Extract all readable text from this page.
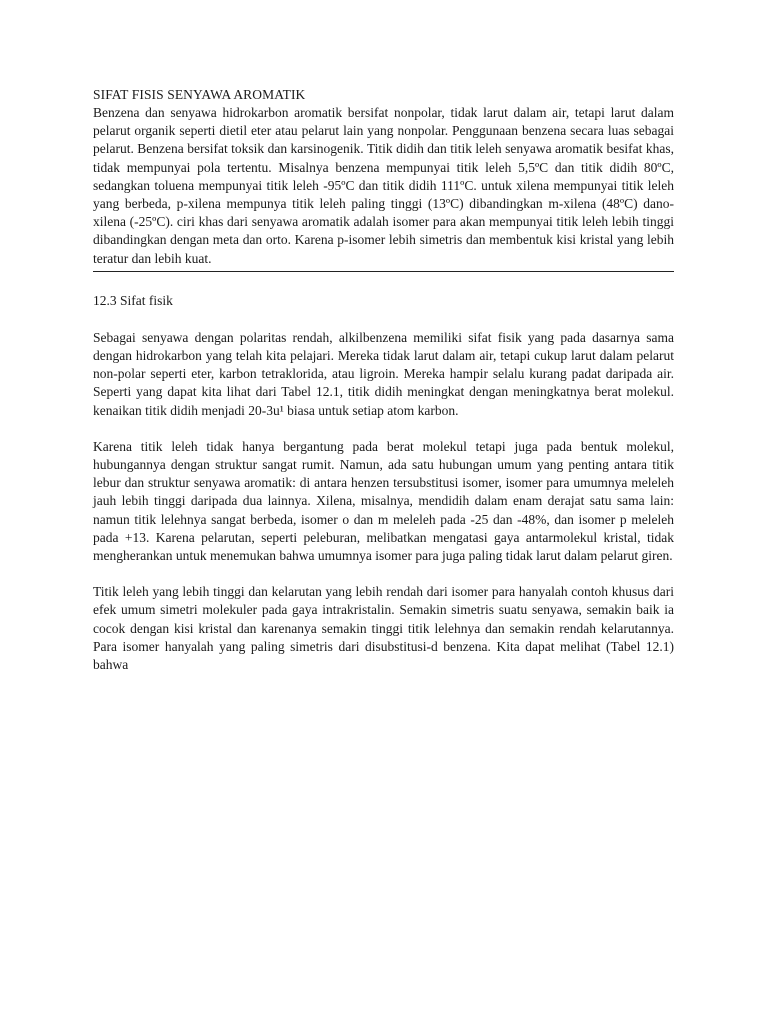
SIFAT FISIS SENYAWA AROMATIK

Benzena dan senyawa hidrokarbon aromatik bersifat nonpolar, tidak larut dalam air, tetapi larut dalam pelarut organik seperti dietil eter atau pelarut lain yang nonpolar. Penggunaan benzena secara luas sebagai pelarut. Benzena bersifat toksik dan karsinogenik. Titik didih dan titik leleh senyawa aromatik besifat khas, tidak mempunyai pola tertentu. Misalnya benzena mempunyai titik leleh 5,5ºC dan titik didih 80ºC, sedangkan toluena mempunyai titik leleh -95ºC dan titik didih 111ºC. untuk xilena mempunyai titik leleh yang berbeda, p-xilena mempunya titik leleh paling tinggi (13ºC) dibandingkan m-xilena (48ºC) dano-xilena (-25ºC). ciri khas dari senyawa aromatik adalah isomer para akan mempunyai titik leleh lebih tinggi dibandingkan dengan meta dan orto. Karena p-isomer lebih simetris dan membentuk kisi kristal yang lebih teratur dan lebih kuat.

12.3 Sifat fisik

Sebagai senyawa dengan polaritas rendah, alkilbenzena memiliki sifat fisik yang pada dasarnya sama dengan hidrokarbon yang telah kita pelajari. Mereka tidak larut dalam air, tetapi cukup larut dalam pelarut non-polar seperti eter, karbon tetraklorida, atau ligroin. Mereka hampir selalu kurang padat daripada air. Seperti yang dapat kita lihat dari Tabel 12.1, titik didih meningkat dengan meningkatnya berat molekul. kenaikan titik didih menjadi 20-3u¹ biasa untuk setiap atom karbon.

Karena titik leleh tidak hanya bergantung pada berat molekul tetapi juga pada bentuk molekul, hubungannya dengan struktur sangat rumit. Namun, ada satu hubungan umum yang penting antara titik lebur dan struktur senyawa aromatik: di antara henzen tersubstitusi isomer, isomer para umumnya meleleh jauh lebih tinggi daripada dua lainnya. Xilena, misalnya, mendidih dalam enam derajat satu sama lain: namun titik lelehnya sangat berbeda, isomer o dan m meleleh pada -25 dan -48%, dan isomer p meleleh pada +13. Karena pelarutan, seperti peleburan, melibatkan mengatasi gaya antarmolekul kristal, tidak mengherankan untuk menemukan bahwa umumnya isomer para juga paling tidak larut dalam pelarut giren.

Titik leleh yang lebih tinggi dan kelarutan yang lebih rendah dari isomer para hanyalah contoh khusus dari efek umum simetri molekuler pada gaya intrakristalin. Semakin simetris suatu senyawa, semakin baik ia cocok dengan kisi kristal dan karenanya semakin tinggi titik lelehnya dan semakin rendah kelarutannya. Para isomer hanyalah yang paling simetris dari disubstitusi-d benzena. Kita dapat melihat (Tabel 12.1) bahwa
